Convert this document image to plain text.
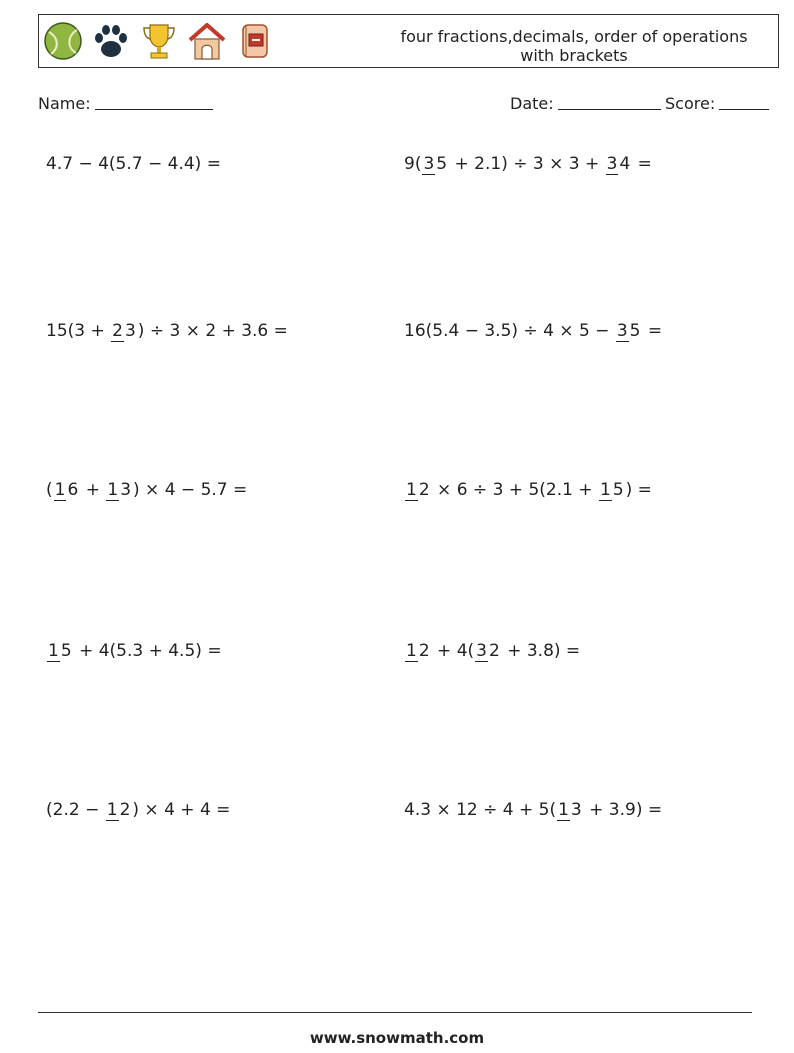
four fractions,decimals, order of operations with brackets
Name:	Date:	Score:
4.7 − 4(5.7 − 4.4) =	9( 3 5 + 2.1) ÷ 3 × 3 + 3 4 =
15(3 + 2 3 ) ÷ 3 × 2 + 3.6 =	16(5.4 − 3.5) ÷ 4 × 5 − 3 5 =
( 1 6 + 1 3 ) × 4 − 5.7 =	1 2 × 6 ÷ 3 + 5(2.1 + 1 5 ) =
1 5 + 4(5.3 + 4.5) =	1 2 + 4( 3 2 + 3.8) =
(2.2 − 1 2 ) × 4 + 4 =	4.3 × 12 ÷ 4 + 5( 1 3 + 3.9) =
www.snowmath.com
